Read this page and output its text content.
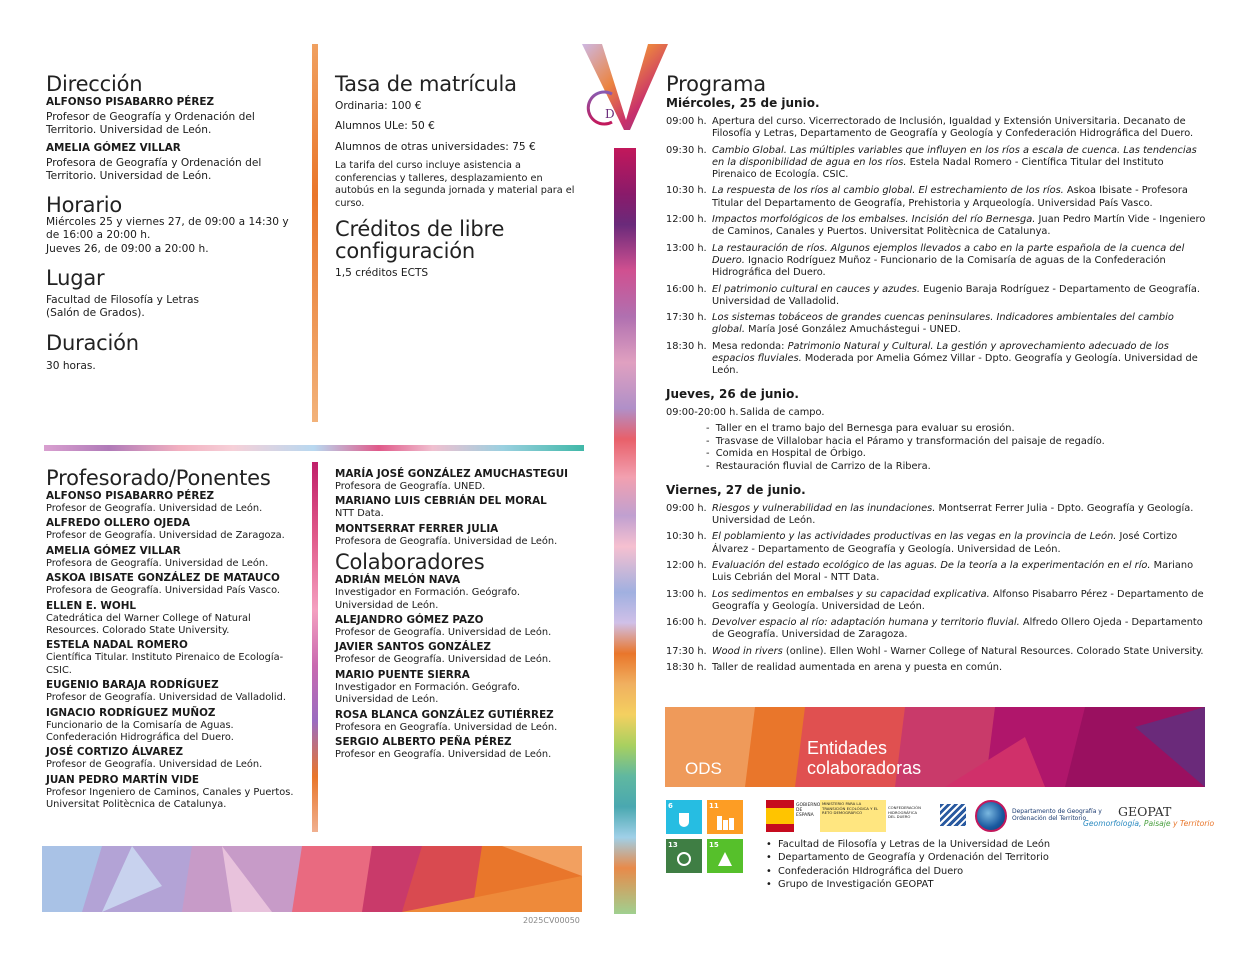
2025CV00050
D
Dirección
ALFONSO PISABARRO PÉREZ
Profesor de Geografía y Ordenación del Territorio. Universidad de León.
AMELIA GÓMEZ VILLAR
Profesora de Geografía y Ordenación del Territorio. Universidad de León.
Horario
Miércoles 25 y viernes 27, de 09:00 a 14:30 y de 16:00 a 20:00 h.
Jueves 26, de 09:00 a 20:00 h.
Lugar
Facultad de Filosofía y Letras
(Salón de Grados).
Duración
30 horas.
Tasa de matrícula
Ordinaria: 100 €
Alumnos ULe: 50 €
Alumnos de otras universidades: 75 €
La tarifa del curso incluye asistencia a conferencias y talleres, desplazamiento en autobús en la segunda jornada y material para el curso.
Créditos de libre configuración
1,5 créditos ECTS
Profesorado/Ponentes
ALFONSO PISABARRO PÉREZ
Profesor de Geografía. Universidad de León.
ALFREDO OLLERO OJEDA
Profesor de Geografía. Universidad de Zaragoza.
AMELIA GÓMEZ VILLAR
Profesora de Geografía. Universidad de León.
ASKOA IBISATE GONZÁLEZ DE MATAUCO
Profesora de Geografía. Universidad País Vasco.
ELLEN E. WOHL
Catedrática del Warner College of Natural Resources. Colorado State University.
ESTELA NADAL ROMERO
Científica Titular. Instituto Pirenaico de Ecología-CSIC.
EUGENIO BARAJA RODRÍGUEZ
Profesor de Geografía. Universidad de Valladolid.
IGNACIO RODRÍGUEZ MUÑOZ
Funcionario de la Comisaría de Aguas. Confederación Hidrográfica del Duero.
JOSÉ CORTIZO ÁLVAREZ
Profesor de Geografía. Universidad de León.
JUAN PEDRO MARTÍN VIDE
Profesor Ingeniero de Caminos, Canales y Puertos. Universitat Politècnica de Catalunya.
MARÍA JOSÉ GONZÁLEZ AMUCHASTEGUI
Profesora de Geografía. UNED.
MARIANO LUIS CEBRIÁN DEL MORAL
NTT Data.
MONTSERRAT FERRER JULIA
Profesora de Geografía. Universidad de León.
Colaboradores
ADRIÁN MELÓN NAVA
Investigador en Formación. Geógrafo. Universidad de León.
ALEJANDRO GÓMEZ PAZO
Profesor de Geografía. Universidad de León.
JAVIER SANTOS GONZÁLEZ
Profesor de Geografía. Universidad de León.
MARIO PUENTE SIERRA
Investigador en Formación. Geógrafo. Universidad de León.
ROSA BLANCA GONZÁLEZ GUTIÉRREZ
Profesora en Geografía. Universidad de León.
SERGIO ALBERTO PEÑA PÉREZ
Profesor en Geografía. Universidad de León.
Programa
Miércoles, 25 de junio.
09:00 h. Apertura del curso. Vicerrectorado de Inclusión, Igualdad y Extensión Universitaria. Decanato de Filosofía y Letras, Departamento de Geografía y Geología y Confederación Hidrográfica del Duero.
09:30 h. Cambio Global. Las múltiples variables que influyen en los ríos a escala de cuenca. Las tendencias en la disponibilidad de agua en los ríos. Estela Nadal Romero - Científica Titular del Instituto Pirenaico de Ecología. CSIC.
10:30 h. La respuesta de los ríos al cambio global. El estrechamiento de los ríos. Askoa Ibisate - Profesora Titular del Departamento de Geografía, Prehistoria y Arqueología. Universidad País Vasco.
12:00 h. Impactos morfológicos de los embalses. Incisión del río Bernesga. Juan Pedro Martín Vide - Ingeniero de Caminos, Canales y Puertos. Universitat Politècnica de Catalunya.
13:00 h. La restauración de ríos. Algunos ejemplos llevados a cabo en la parte española de la cuenca del Duero. Ignacio Rodríguez Muñoz - Funcionario de la Comisaría de aguas de la Confederación Hidrográfica del Duero.
16:00 h. El patrimonio cultural en cauces y azudes. Eugenio Baraja Rodríguez - Departamento de Geografía. Universidad de Valladolid.
17:30 h. Los sistemas tobáceos de grandes cuencas peninsulares. Indicadores ambientales del cambio global. María José González Amuchástegui - UNED.
18:30 h. Mesa redonda: Patrimonio Natural y Cultural. La gestión y aprovechamiento adecuado de los espacios fluviales. Moderada por Amelia Gómez Villar - Dpto. Geografía y Geología. Universidad de León.
Jueves, 26 de junio.
09:00-20:00 h. Salida de campo.
-  Taller en el tramo bajo del Bernesga para evaluar su erosión.
-  Trasvase de Villalobar hacia el Páramo y transformación del paisaje de regadío.
-  Comida en Hospital de Órbigo.
-  Restauración fluvial de Carrizo de la Ribera.
Viernes, 27 de junio.
09:00 h. Riesgos y vulnerabilidad en las inundaciones. Montserrat Ferrer Julia - Dpto. Geografía y Geología. Universidad de León.
10:30 h. El poblamiento y las actividades productivas en las vegas en la provincia de León. José Cortizo Álvarez - Departamento de Geografía y Geología. Universidad de León.
12:00 h. Evaluación del estado ecológico de las aguas. De la teoría a la experimentación en el río. Mariano Luis Cebrián del Moral - NTT Data.
13:00 h. Los sedimentos en embalses y su capacidad explicativa. Alfonso Pisabarro Pérez - Departamento de Geografía y Geología. Universidad de León.
16:00 h. Devolver espacio al río: adaptación humana y territorio fluvial. Alfredo Ollero Ojeda - Departamento de Geografía. Universidad de Zaragoza.
17:30 h. Wood in rivers (online). Ellen Wohl - Warner College of Natural Resources. Colorado State University.
18:30 h. Taller de realidad aumentada en arena y puesta en común.
ODS
Entidades colaboradoras
6	11
13	15
GOBIERNO DE ESPAÑA
MINISTERIO PARA LA TRANSICIÓN ECOLÓGICA Y EL RETO DEMOGRÁFICO
CONFEDERACIÓN HIDROGRÁFICA DEL DUERO
Departamento de Geografía y Ordenación del Territorio	GEOPAT
Geomorfología, Paisaje y Territorio
• Facultad de Filosofía y Letras de la Universidad de León
• Departamento de Geografía y Ordenación del Territorio
• Confederación HIdrográfica del Duero
• Grupo de Investigación GEOPAT
